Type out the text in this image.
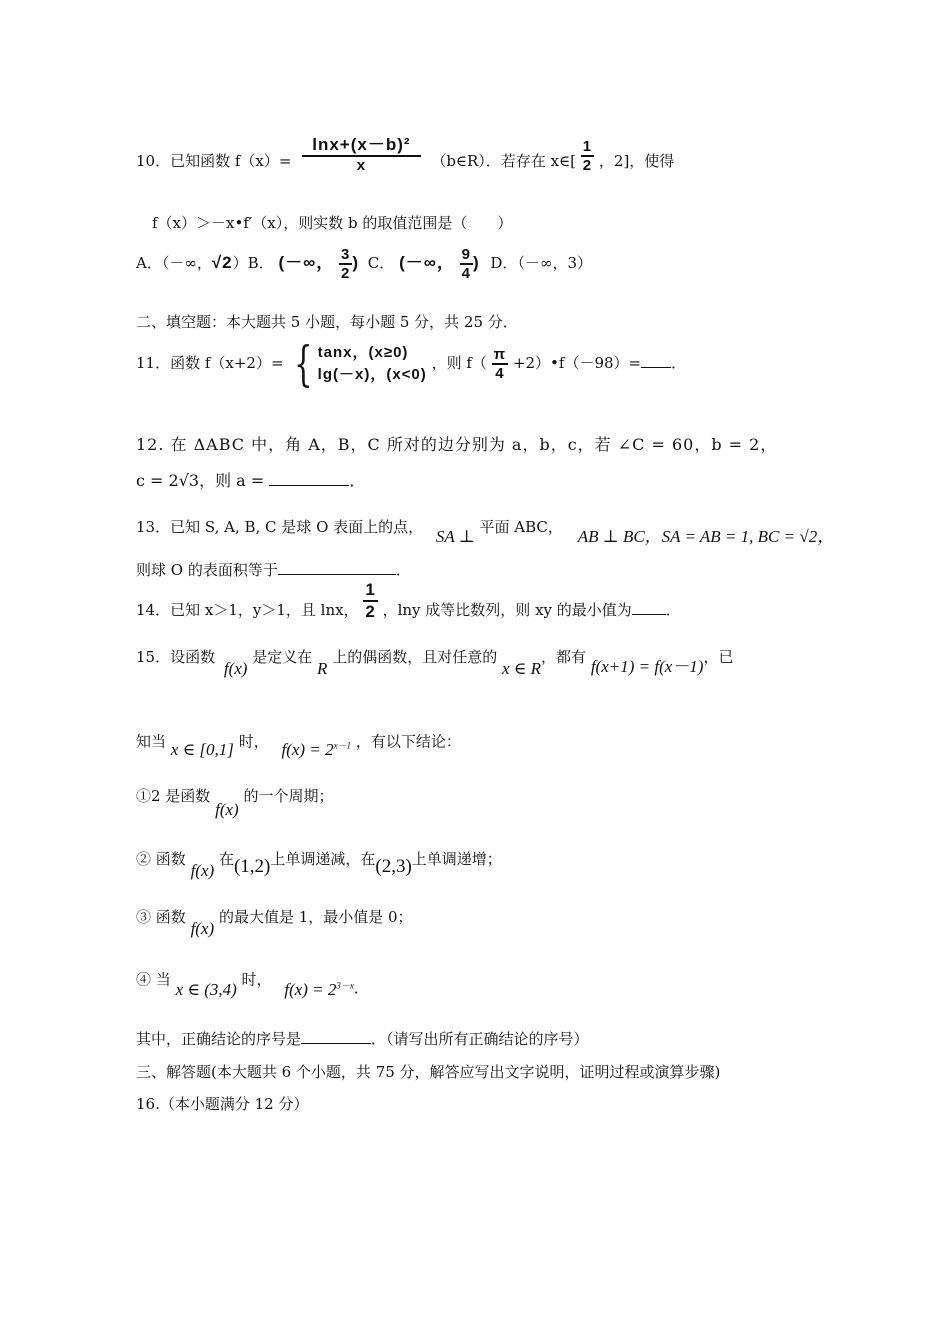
10．已知函数 $f(x)= \frac{\text{lnx+(x－b)²}}{x}$ （b∈R）．若存在 x∈[ $\frac{1}{2}$ ，2]，使得
f（x）＞－x•f′（x），则实数 b 的取值范围是（　　）
A．（－∞，√2）B． (－∞， $\frac{3}{2}$ ) C． (－∞， $\frac{9}{4}$ ) D．（－∞，3）
二、填空题：本大题共 5 小题，每小题 5 分，共 25 分．
11．函数 f（x+2）= { tanx，(x≥0)
lg(－x)，(x<0)
，则 $f( \frac{\pi}{4}$ +2）•f（－98）= ．
12. 在 ΔABC 中，角 A，B，C 所对的边分别为 a，b，c，若 ∠C = 60，b = 2，
c = 2√3，则 a =	．
13．已知 S, A, B, C 是球 O 表面上的点， SA ⊥ 平面 ABC， AB ⊥ BC，SA = AB = 1, BC = √2，
则球 O 的表面积等于	．
14．已知 x＞1，y＞1，且 lnx， $\frac{1}{2}$ ，lny 成等比数列，则 xy 的最小值为 ．
15．设函数 f(x) 是定义在 R 上的偶函数，且对任意的 x ∈ R，都有 f(x+1) = f(x－1)，已
知当 x ∈ [0,1] 时， $f(x) = 2^{x-1}$ ，有以下结论：
①2 是函数 f(x) 的一个周期；
② 函数 f(x) 在(1,2)上单调递减，在(2,3)上单调递增；
③ 函数 f(x) 的最大值是 1，最小值是 0；
④ 当 x ∈ (3,4) 时， $f(x) = 2^{3-x}$．
其中，正确结论的序号是	．（请写出所有正确结论的序号）
三、解答题(本大题共 6 个小题，共 75 分，解答应写出文字说明，证明过程或演算步骤)
16.（本小题满分 12 分）
